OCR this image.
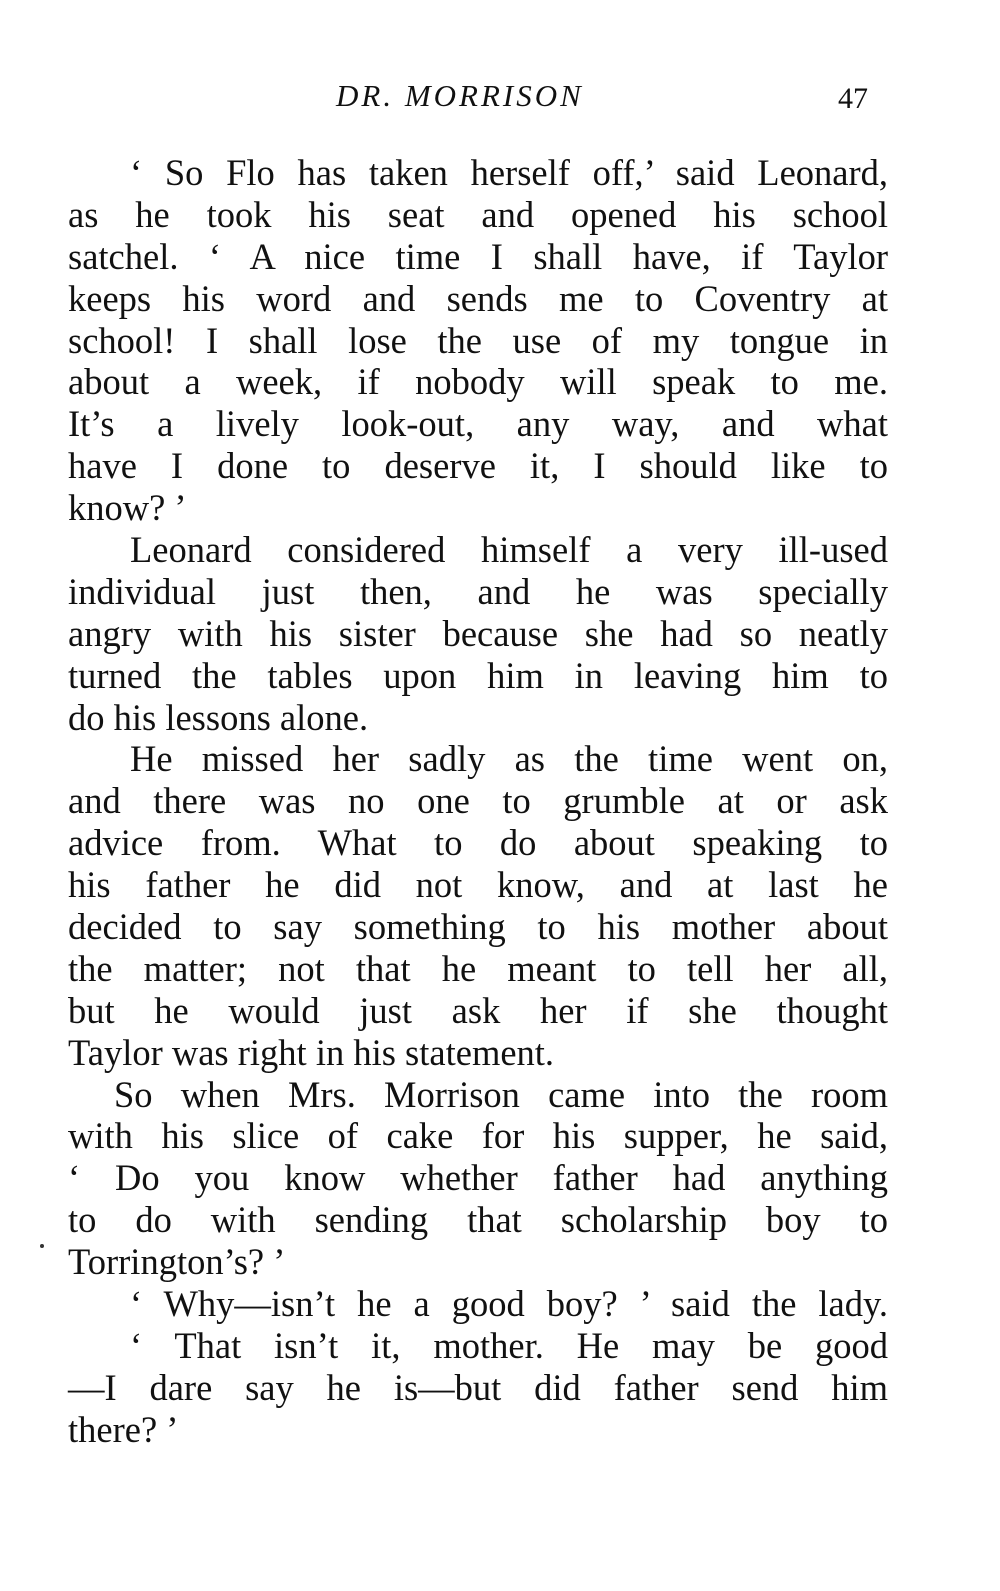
DR. MORRISON	47
‘ So Flo has taken herself off,’ said Leonard,
as he took his seat and opened his school
satchel. ‘ A nice time I shall have, if Taylor
keeps his word and sends me to Coventry at
school! I shall lose the use of my tongue in
about a week, if nobody will speak to me.
It’s a lively look-out, any way, and what
have I done to deserve it, I should like to
know? ’
Leonard considered himself a very ill-used
individual just then, and he was specially
angry with his sister because she had so neatly
turned the tables upon him in leaving him to
do his lessons alone.
He missed her sadly as the time went on,
and there was no one to grumble at or ask
advice from. What to do about speaking to
his father he did not know, and at last he
decided to say something to his mother about
the matter; not that he meant to tell her all,
but he would just ask her if she thought
Taylor was right in his statement.
So when Mrs. Morrison came into the room
with his slice of cake for his supper, he said,
‘ Do you know whether father had anything
to do with sending that scholarship boy to
Torrington’s? ’
‘ Why—isn’t he a good boy? ’ said the lady.
‘ That isn’t it, mother. He may be good
—I dare say he is—but did father send him
there? ’
